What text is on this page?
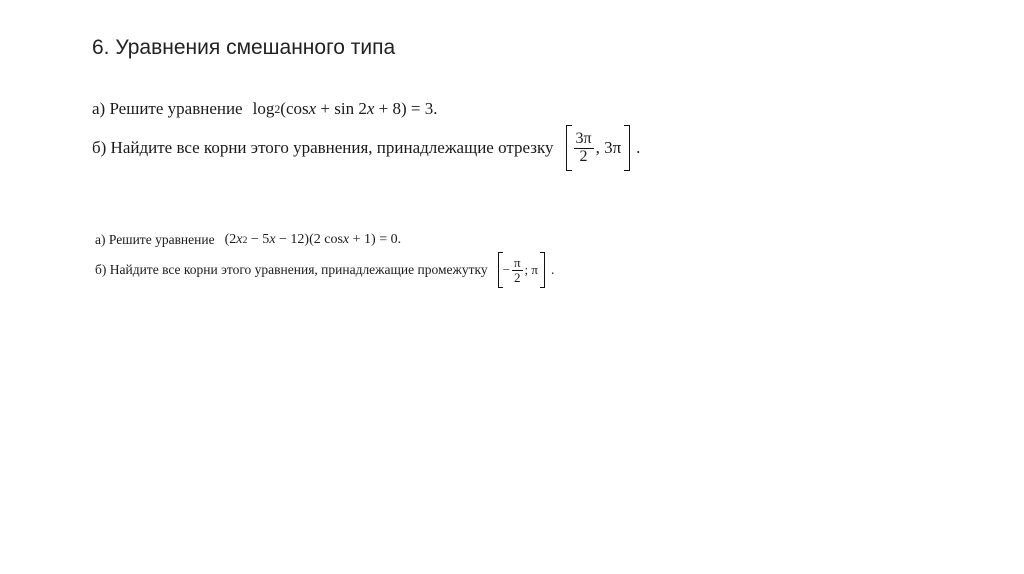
6. Уравнения смешанного типа
а) Решите уравнение log 2 (cos x + sin 2 x + 8) = 3.
б) Найдите все корни этого уравнения, принадлежащие отрезку $\frac{3\pi}{2}$ , 3π .
а) Решите уравнение (2 x 2 − 5 x − 12)(2 cos x + 1) = 0.
б) Найдите все корни этого уравнения, принадлежащие промежутку − $\frac{\pi}{2}$ ; π .
